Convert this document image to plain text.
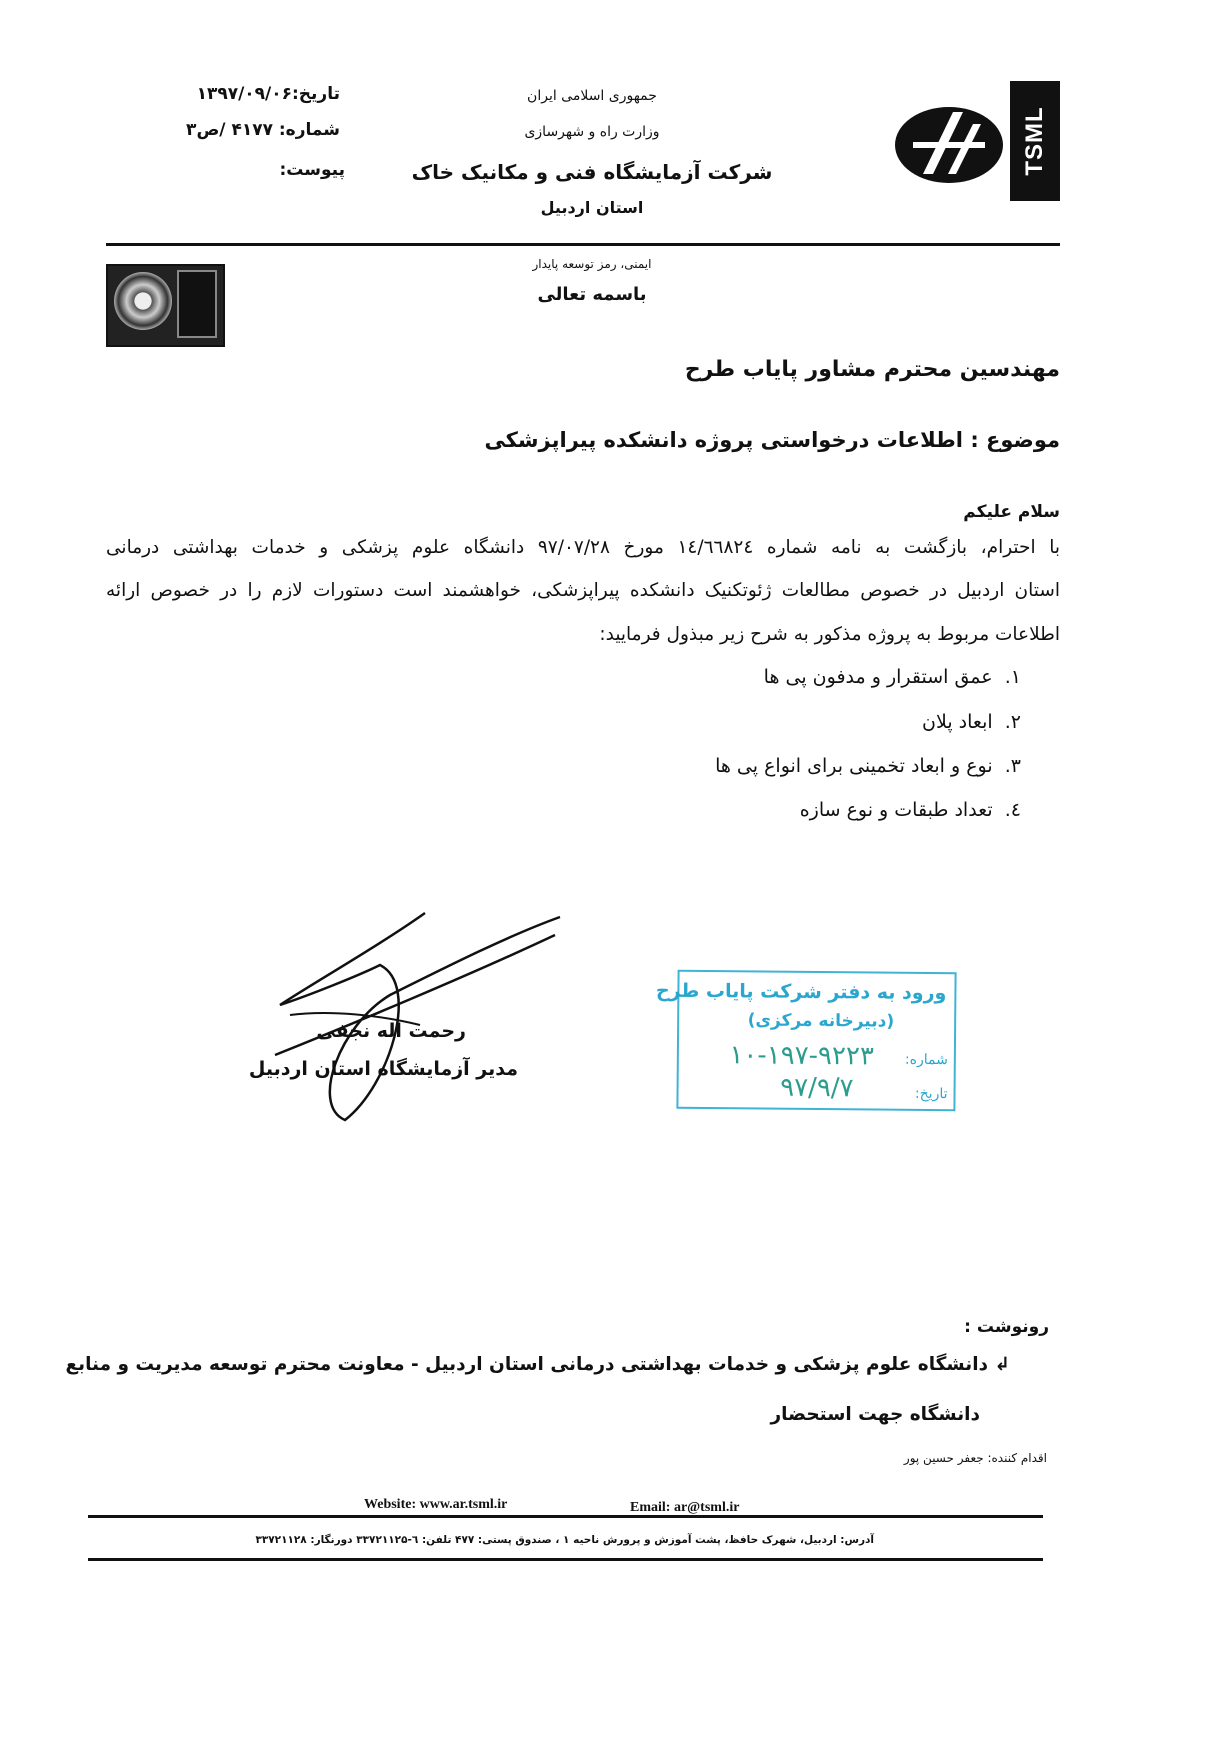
TSML
جمهوری اسلامی ایران
وزارت راه و شهرسازی
شرکت آزمایشگاه فنی و مکانیک خاک
استان اردبیل
تاریخ:۱۳۹۷/۰۹/۰۶
شماره: ۴۱۷۷ /ص۳
پیوست:
ایمنی، رمز توسعه پایدار
باسمه تعالی
مهندسین محترم مشاور پایاب طرح
موضوع : اطلاعات درخواستی پروژه دانشکده پیراپزشکی
سلام علیکم
با احترام، بازگشت به نامه شماره ۱٤/٦٦٨٢٤ مورخ ۹۷/۰۷/۲۸ دانشگاه علوم پزشکی و خدمات بهداشتی درمانی
استان اردبیل در خصوص مطالعات ژئوتکنیک دانشکده پیراپزشکی، خواهشمند است دستورات لازم را در خصوص ارائه
اطلاعات مربوط به پروژه مذکور به شرح زیر مبذول فرمایید:
۱.  عمق استقرار و مدفون پی ها
۲.  ابعاد پلان
۳.  نوع و ابعاد تخمینی برای انواع پی ها
٤.  تعداد طبقات و نوع سازه
رحمت اله نجفی
مدیر آزمایشگاه استان اردبیل
ورود به دفتر شرکت پایاب طرح
(دبیرخانه مرکزی)
شماره:
۱۰-۱۹۷-۹۲۲۳
تاریخ:
۹۷/۹/۷
رونوشت :
↲ دانشگاه علوم پزشکی و خدمات بهداشتی درمانی استان اردبیل - معاونت محترم توسعه مدیریت و منابع
دانشگاه جهت استحضار
اقدام کننده: جعفر حسین پور
Website: www.ar.tsml.ir	Email: ar@tsml.ir
آدرس: اردبیل، شهرک حافظ، پشت آموزش و پرورش ناحیه ۱ ، صندوق پستی: ۴۷۷ تلفن: ٦-۳۳۷۲۱۱۲۵ دورنگار: ۳۳۷۲۱۱۲۸
